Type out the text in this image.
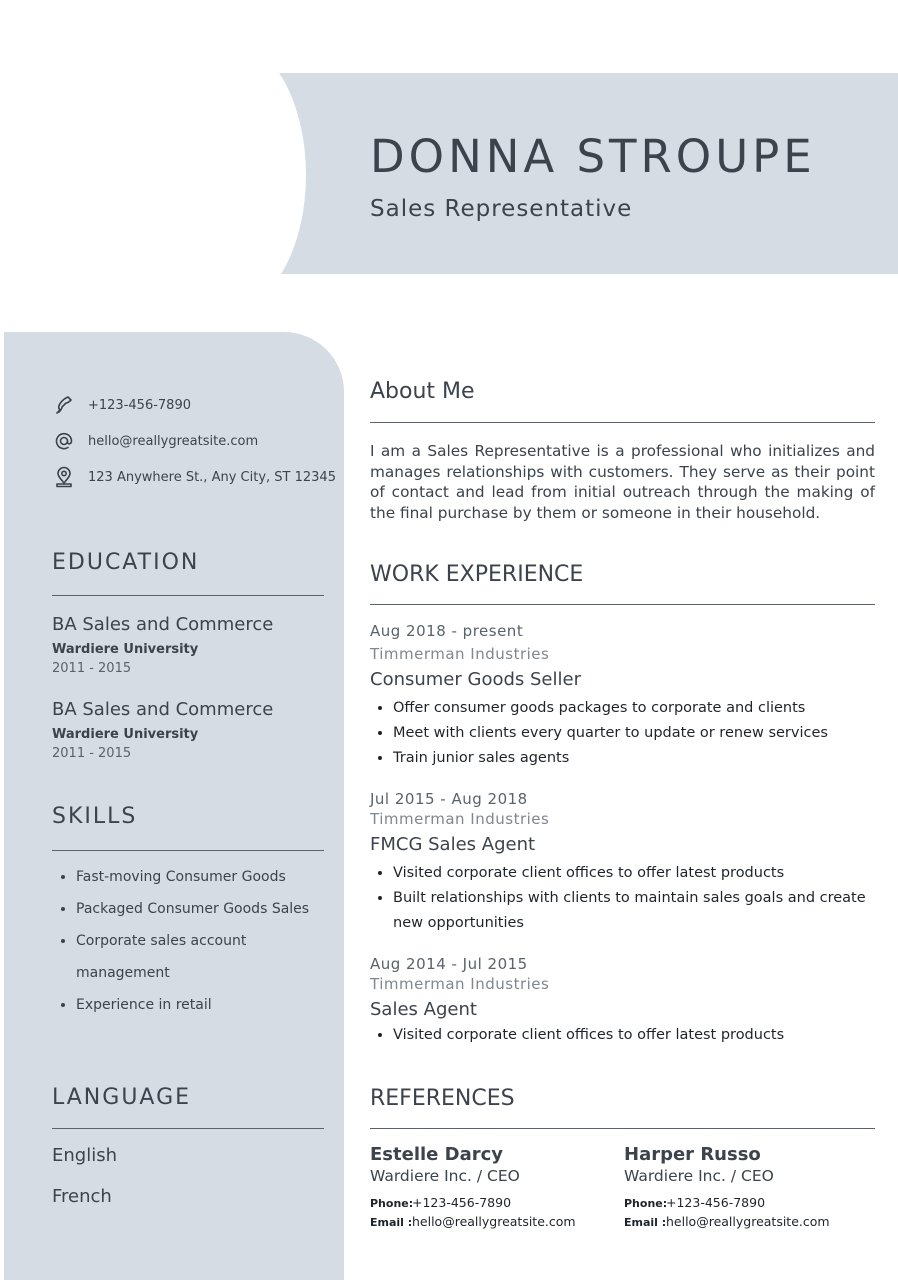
DONNA STROUPE
Sales Representative
+123-456-7890
hello@reallygreatsite.com
123 Anywhere St., Any City, ST 12345
EDUCATION
BA Sales and Commerce
Wardiere University
2011 - 2015
BA Sales and Commerce
Wardiere University
2011 - 2015
SKILLS
• Fast-moving Consumer Goods
• Packaged Consumer Goods Sales
• Corporate sales account management
• Experience in retail
LANGUAGE
English
French
About Me

I am a Sales Representative is a professional who initializes and manages relationships with customers. They serve as their point of contact and lead from initial outreach through the making of the final purchase by them or someone in their household.

WORK EXPERIENCE
Aug 2018 - present
Timmerman Industries
Consumer Goods Seller
• Offer consumer goods packages to corporate and clients
• Meet with clients every quarter to update or renew services
• Train junior sales agents
Jul 2015 - Aug 2018
Timmerman Industries
FMCG Sales Agent
• Visited corporate client offices to offer latest products
• Built relationships with clients to maintain sales goals and create new opportunities
Aug 2014 - Jul 2015
Timmerman Industries
Sales Agent
• Visited corporate client offices to offer latest products
REFERENCES
Estelle Darcy
Wardiere Inc. / CEO
Phone:+123-456-7890
Email :hello@reallygreatsite.com
Harper Russo
Wardiere Inc. / CEO
Phone:+123-456-7890
Email :hello@reallygreatsite.com
